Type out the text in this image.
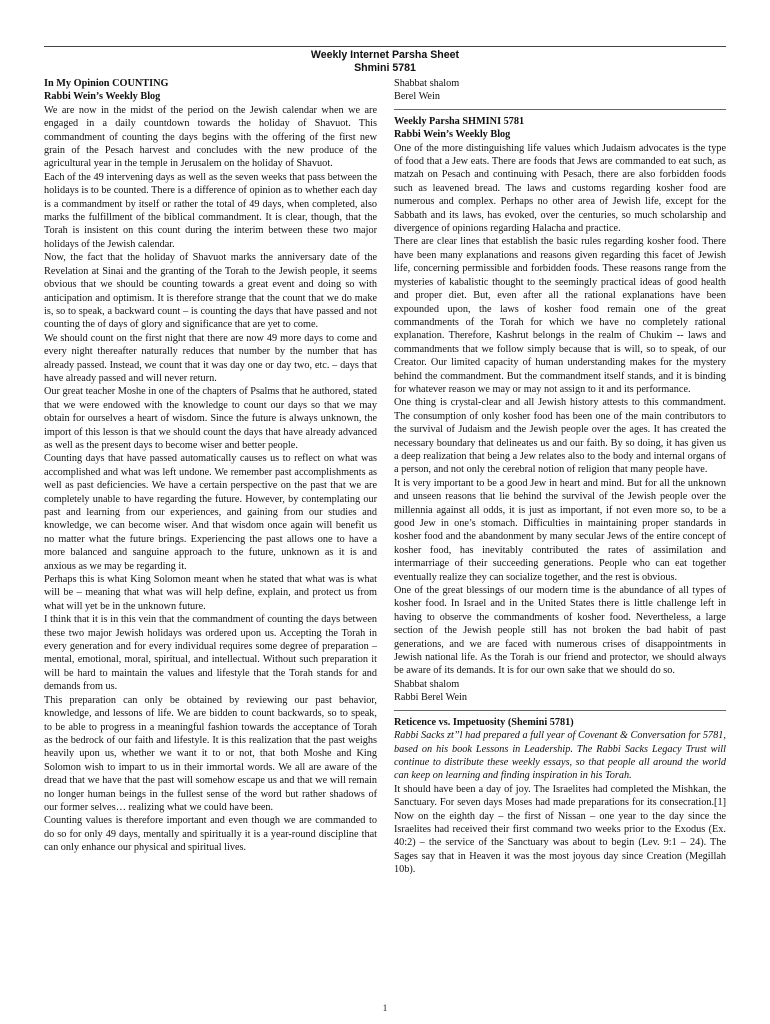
Weekly Internet Parsha Sheet
Shmini 5781

In My Opinion COUNTING

Rabbi Wein’s Weekly Blog

We are now in the midst of the period on the Jewish calendar when we are engaged in a daily countdown towards the holiday of Shavuot. This commandment of counting the days begins with the offering of the first new grain of the Pesach harvest and concludes with the new produce of the agricultural year in the temple in Jerusalem on the holiday of Shavuot.

Each of the 49 intervening days as well as the seven weeks that pass between the holidays is to be counted. There is a difference of opinion as to whether each day is a commandment by itself or rather the total of 49 days, when completed, also marks the fulfillment of the biblical commandment. It is clear, though, that the Torah is insistent on this count during the interim between these two major holidays of the Jewish calendar.

Now, the fact that the holiday of Shavuot marks the anniversary date of the Revelation at Sinai and the granting of the Torah to the Jewish people, it seems obvious that we should be counting towards a great event and doing so with anticipation and optimism. It is therefore strange that the count that we do make is, so to speak, a backward count – is counting the days that have passed and not counting the of days of glory and significance that are yet to come.

We should count on the first night that there are now 49 more days to come and every night thereafter naturally reduces that number by the number that has already passed. Instead, we count that it was day one or day two, etc. – days that have already passed and will never return.

Our great teacher Moshe in one of the chapters of Psalms that he authored, stated that we were endowed with the knowledge to count our days so that we may obtain for ourselves a heart of wisdom. Since the future is always unknown, the import of this lesson is that we should count the days that have already advanced as well as the present days to become wiser and better people.

Counting days that have passed automatically causes us to reflect on what was accomplished and what was left undone. We remember past accomplishments as well as past deficiencies. We have a certain perspective on the past that we are completely unable to have regarding the future. However, by contemplating our past and learning from our experiences, and gaining from our studies and knowledge, we can become wiser. And that wisdom once again will benefit us no matter what the future brings. Experiencing the past allows one to have a more balanced and sanguine approach to the future, unknown as it is and anxious as we may be regarding it.

Perhaps this is what King Solomon meant when he stated that what was is what will be – meaning that what was will help define, explain, and protect us from what will yet be in the unknown future.

I think that it is in this vein that the commandment of counting the days between these two major Jewish holidays was ordered upon us. Accepting the Torah in every generation and for every individual requires some degree of preparation – mental, emotional, moral, spiritual, and intellectual. Without such preparation it will be hard to maintain the values and lifestyle that the Torah stands for and demands from us.

This preparation can only be obtained by reviewing our past behavior, knowledge, and lessons of life. We are bidden to count backwards, so to speak, to be able to progress in a meaningful fashion towards the acceptance of Torah as the bedrock of our faith and lifestyle. It is this realization that the past weighs heavily upon us, whether we want it to or not, that both Moshe and King Solomon wish to impart to us in their immortal words. We all are aware of the dread that we have that the past will somehow escape us and that we will remain no longer human beings in the fullest sense of the word but rather shadows of our former selves… realizing what we could have been.

Counting values is therefore important and even though we are commanded to do so for only 49 days, mentally and spiritually it is a year-round discipline that can only enhance our physical and spiritual lives.

Shabbat shalom

Berel Wein

Weekly Parsha SHMINI 5781

Rabbi Wein’s Weekly Blog

One of the more distinguishing life values which Judaism advocates is the type of food that a Jew eats. There are foods that Jews are commanded to eat such, as matzah on Pesach and continuing with Pesach, there are also forbidden foods such as leavened bread. The laws and customs regarding kosher food are numerous and complex. Perhaps no other area of Jewish life, except for the Sabbath and its laws, has evoked, over the centuries, so much scholarship and divergence of opinions regarding Halacha and practice.

There are clear lines that establish the basic rules regarding kosher food. There have been many explanations and reasons given regarding this facet of Jewish life, concerning permissible and forbidden foods. These reasons range from the mysteries of kabalistic thought to the seemingly practical ideas of good health and proper diet. But, even after all the rational explanations have been expounded upon, the laws of kosher food remain one of the great commandments of the Torah for which we have no completely rational explanation. Therefore, Kashrut belongs in the realm of Chukim -- laws and commandments that we follow simply because that is will, so to speak, of our Creator. Our limited capacity of human understanding makes for the mystery behind the commandment. But the commandment itself stands, and it is binding for whatever reason we may or may not assign to it and its performance.

One thing is crystal-clear and all Jewish history attests to this commandment. The consumption of only kosher food has been one of the main contributors to the survival of Judaism and the Jewish people over the ages. It has created the necessary boundary that delineates us and our faith. By so doing, it has given us a deep realization that being a Jew relates also to the body and internal organs of a person, and not only the cerebral notion of religion that many people have.

It is very important to be a good Jew in heart and mind. But for all the unknown and unseen reasons that lie behind the survival of the Jewish people over the millennia against all odds, it is just as important, if not even more so, to be a good Jew in one’s stomach. Difficulties in maintaining proper standards in kosher food and the abandonment by many secular Jews of the entire concept of kosher food, has inevitably contributed the rates of assimilation and intermarriage of their succeeding generations. People who can eat together eventually realize they can socialize together, and the rest is obvious.

One of the great blessings of our modern time is the abundance of all types of kosher food. In Israel and in the United States there is little challenge left in having to observe the commandments of kosher food. Nevertheless, a large section of the Jewish people still has not broken the bad habit of past generations, and we are faced with numerous crises of disappointments in Jewish national life. As the Torah is our friend and protector, we should always be aware of its demands. It is for our own sake that we should do so.

Shabbat shalom

Rabbi Berel Wein

Reticence vs. Impetuosity (Shemini 5781)

Rabbi Sacks zt’’l had prepared a full year of Covenant & Conversation for 5781, based on his book Lessons in Leadership. The Rabbi Sacks Legacy Trust will continue to distribute these weekly essays, so that people all around the world can keep on learning and finding inspiration in his Torah.

It should have been a day of joy. The Israelites had completed the Mishkan, the Sanctuary. For seven days Moses had made preparations for its consecration.[1] Now on the eighth day – the first of Nissan – one year to the day since the Israelites had received their first command two weeks prior to the Exodus (Ex. 40:2) – the service of the Sanctuary was about to begin (Lev. 9:1 – 24). The Sages say that in Heaven it was the most joyous day since Creation (Megillah 10b).

1
